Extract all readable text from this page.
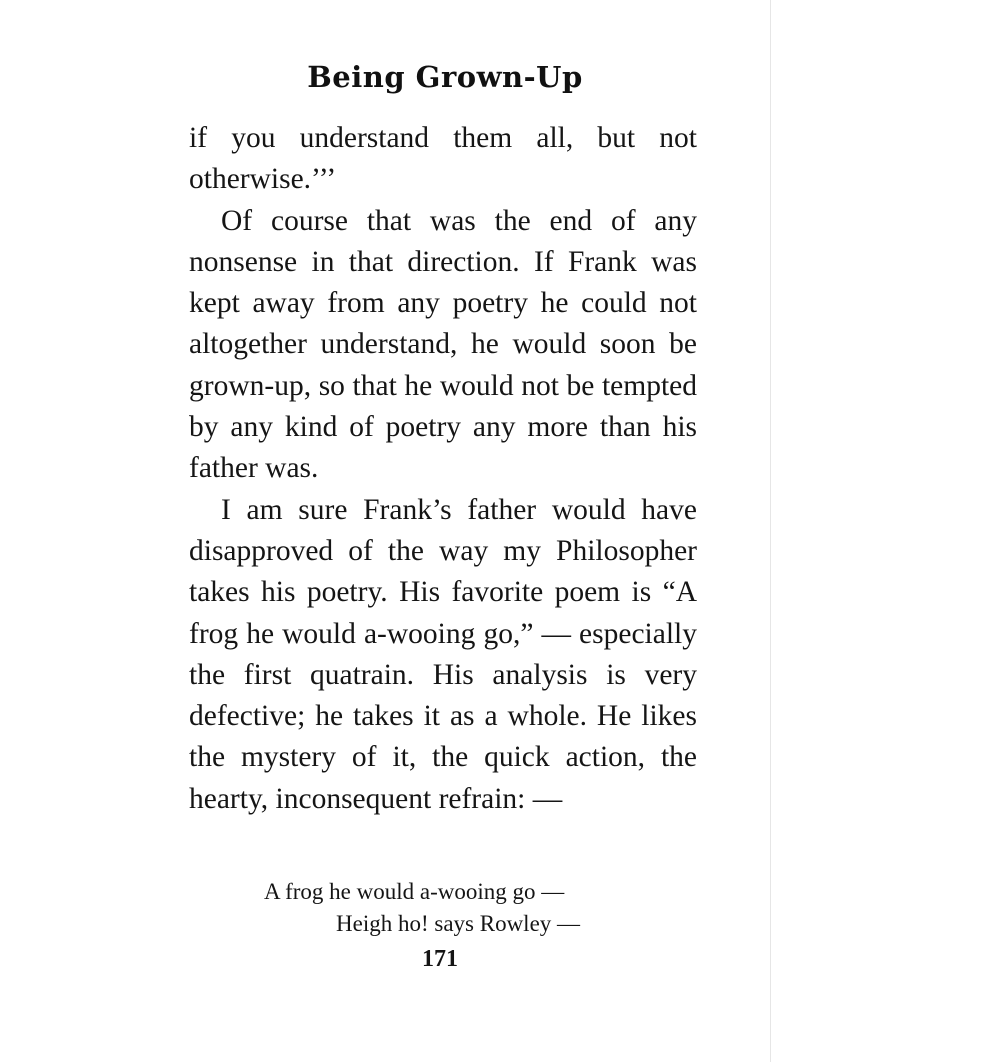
Being Grown-Up

if you understand them all, but not otherwise.’’’

Of course that was the end of any nonsense in that direction. If Frank was kept away from any poetry he could not altogether understand, he would soon be grown-up, so that he would not be tempted by any kind of poetry any more than his father was.

I am sure Frank’s father would have disapproved of the way my Philosopher takes his poetry. His favorite poem is “A frog he would a-wooing go,” — especially the first quatrain. His analysis is very defective; he takes it as a whole. He likes the mystery of it, the quick action, the hearty, inconsequent refrain: —

A frog he would a-wooing go —
Heigh ho! says Rowley —
171
